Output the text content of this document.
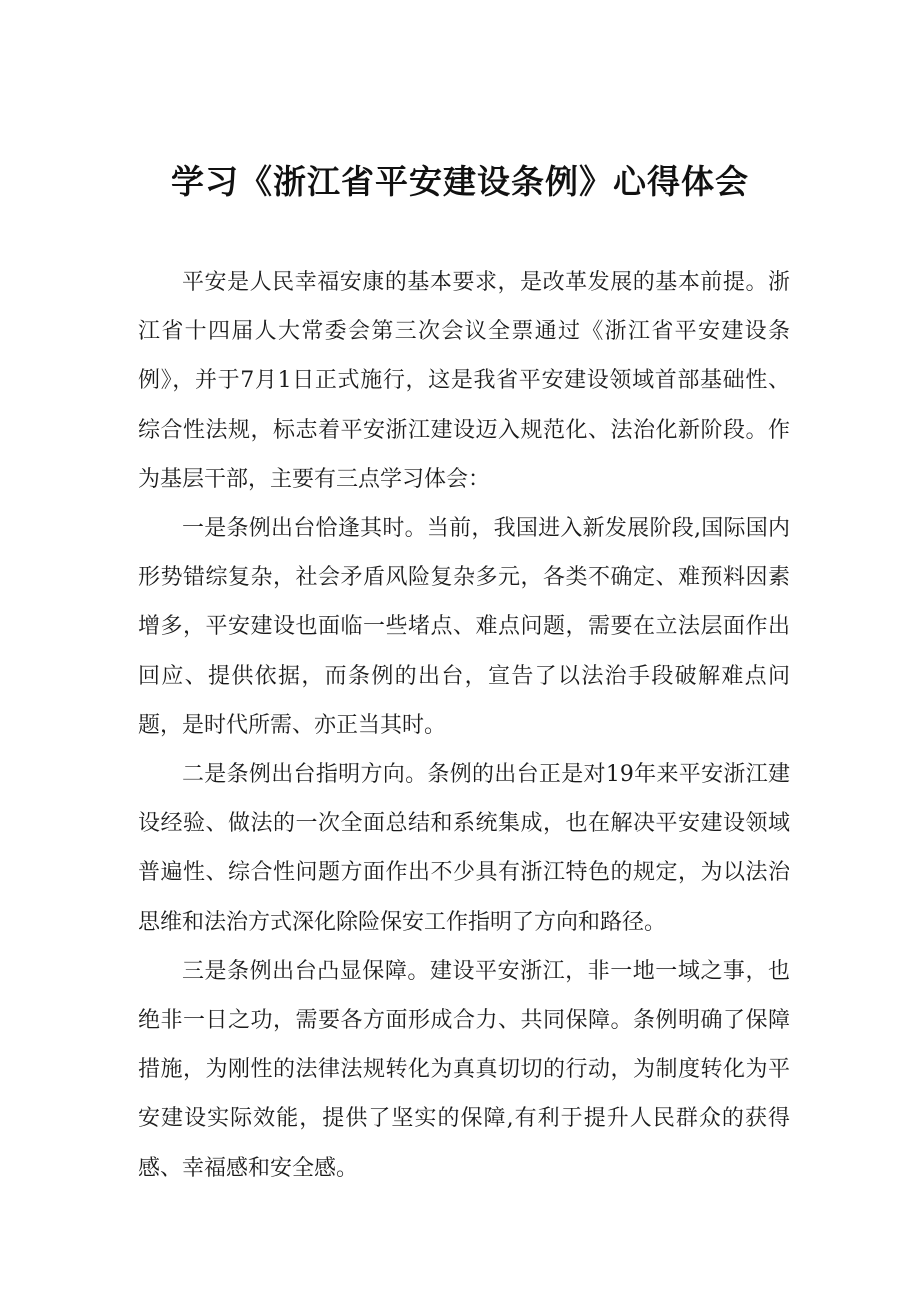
学习《浙江省平安建设条例》心得体会

平安是人民幸福安康的基本要求，是改革发展的基本前提。浙江省十四届人大常委会第三次会议全票通过《浙江省平安建设条例》，并于7月1日正式施行，这是我省平安建设领域首部基础性、综合性法规，标志着平安浙江建设迈入规范化、法治化新阶段。作为基层干部，主要有三点学习体会：

一是条例出台恰逢其时。当前，我国进入新发展阶段,国际国内形势错综复杂，社会矛盾风险复杂多元，各类不确定、难预料因素增多，平安建设也面临一些堵点、难点问题，需要在立法层面作出回应、提供依据，而条例的出台，宣告了以法治手段破解难点问题，是时代所需、亦正当其时。

二是条例出台指明方向。条例的出台正是对19年来平安浙江建设经验、做法的一次全面总结和系统集成，也在解决平安建设领域普遍性、综合性问题方面作出不少具有浙江特色的规定，为以法治思维和法治方式深化除险保安工作指明了方向和路径。

三是条例出台凸显保障。建设平安浙江，非一地一域之事，也绝非一日之功，需要各方面形成合力、共同保障。条例明确了保障措施，为刚性的法律法规转化为真真切切的行动，为制度转化为平安建设实际效能，提供了坚实的保障,有利于提升人民群众的获得感、幸福感和安全感。
